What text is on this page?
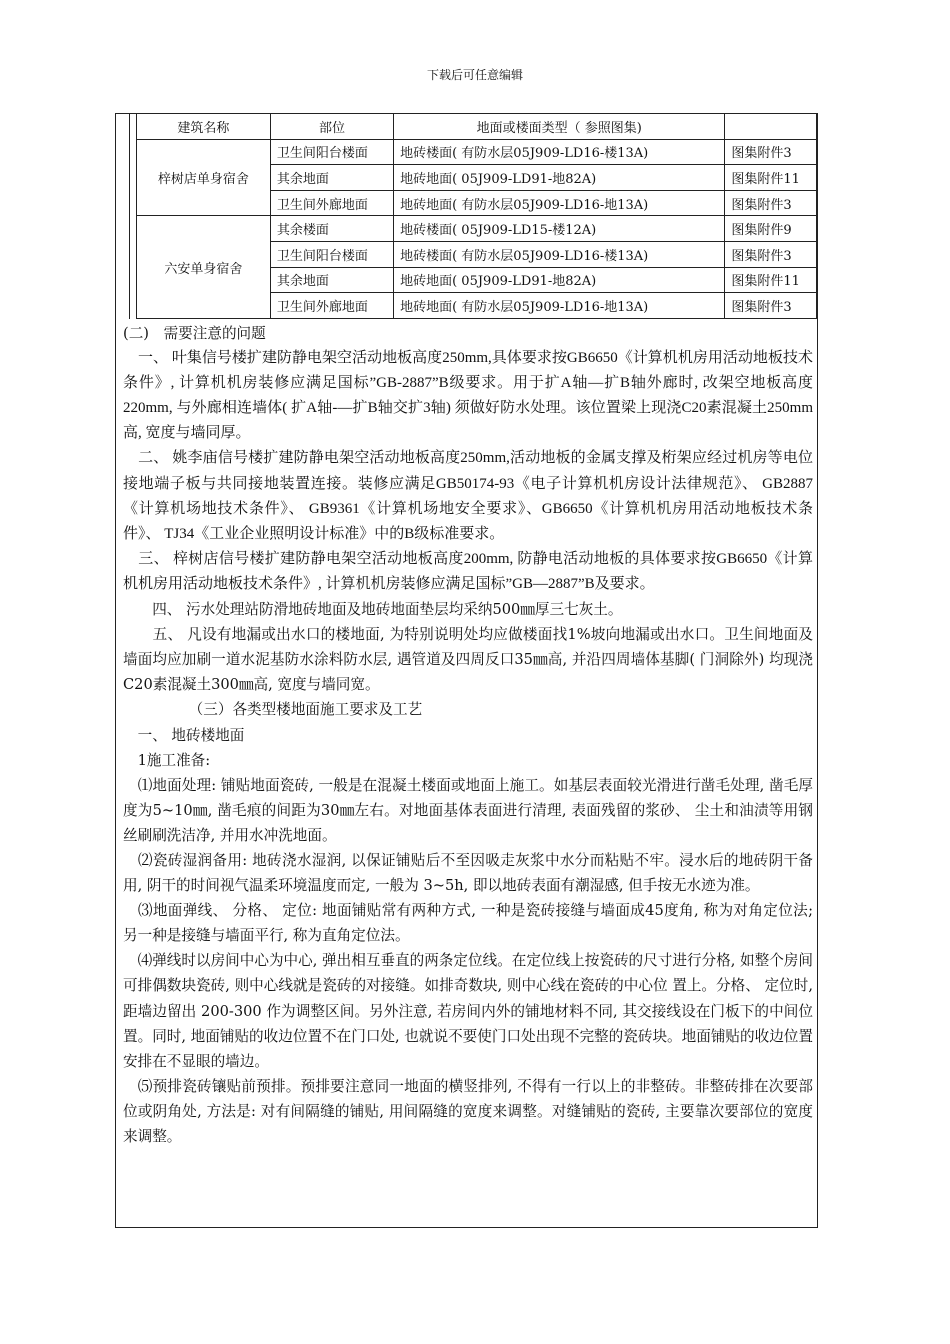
下载后可任意编辑
建筑名称	部位	地面或楼面类型（ 参照图集)	
梓树店单身宿舍	卫生间阳台楼面	地砖楼面( 有防水层05J909-LD16-楼13A)	图集附件3
	其余地面	地砖地面( 05J909-LD91-地82A)	图集附件11
	卫生间外廊地面	地砖地面( 有防水层05J909-LD16-地13A)	图集附件3
六安单身宿舍	其余楼面	地砖楼面( 05J909-LD15-楼12A)	图集附件9
	卫生间阳台楼面	地砖楼面( 有防水层05J909-LD16-楼13A)	图集附件3
	其余地面	地砖地面( 05J909-LD91-地82A)	图集附件11
	卫生间外廊地面	地砖地面( 有防水层05J909-LD16-地13A)	图集附件3

(二)　需要注意的问题

　一、 叶集信号楼扩建防静电架空活动地板高度250mm,具体要求按GB6650《计算机机房用活动地板技术条件》, 计算机机房装修应满足国标”GB-2887”B级要求。用于扩A轴—扩B轴外廊时, 改架空地板高度220mm, 与外廊相连墙体( 扩A轴-—扩B轴交扩3轴) 须做好防水处理。该位置梁上现浇C20素混凝土250mm高, 宽度与墙同厚。

　二、 姚李庙信号楼扩建防静电架空活动地板高度250mm,活动地板的金属支撑及桁架应经过机房等电位接地端子板与共同接地装置连接。装修应满足GB50174-93《电子计算机机房设计法律规范》、 GB2887《计算机场地技术条件》、 GB9361《计算机场地安全要求》、GB6650《计算机机房用活动地板技术条件》、 TJ34《工业企业照明设计标准》中的B级标准要求。

　三、 梓树店信号楼扩建防静电架空活动地板高度200mm, 防静电活动地板的具体要求按GB6650《计算机机房用活动地板技术条件》, 计算机机房装修应满足国标”GB—2887”B及要求。

　　四、 污水处理站防滑地砖地面及地砖地面垫层均采纳500㎜厚三七灰土。

　　五、 凡设有地漏或出水口的楼地面, 为特别说明处均应做楼面找1%坡向地漏或出水口。卫生间地面及墙面均应加刷一道水泥基防水涂料防水层, 遇管道及四周反口35㎜高, 并沿四周墙体基脚( 门洞除外) 均现浇C20素混凝土300㎜高, 宽度与墙同宽。

　　　　　（三）各类型楼地面施工要求及工艺

　一、 地砖楼地面

　1施工准备:

　⑴地面处理: 铺贴地面瓷砖, 一般是在混凝土楼面或地面上施工。如基层表面较光滑进行凿毛处理, 凿毛厚度为5~10㎜, 凿毛痕的间距为30㎜左右。对地面基体表面进行清理, 表面残留的浆砂、 尘土和油渍等用钢丝刷刷洗洁净, 并用水冲洗地面。

　⑵瓷砖湿润备用: 地砖浇水湿润, 以保证铺贴后不至因吸走灰浆中水分而粘贴不牢。浸水后的地砖阴干备用, 阴干的时间视气温柔环境温度而定, 一般为 3~5h, 即以地砖表面有潮湿感, 但手按无水迹为准。

　⑶地面弹线、 分格、 定位: 地面铺贴常有两种方式, 一种是瓷砖接缝与墙面成45度角, 称为对角定位法; 另一种是接缝与墙面平行, 称为直角定位法。

　⑷弹线时以房间中心为中心, 弹出相互垂直的两条定位线。在定位线上按瓷砖的尺寸进行分格, 如整个房间可排偶数块瓷砖, 则中心线就是瓷砖的对接缝。如排奇数块, 则中心线在瓷砖的中心位 置上。分格、 定位时, 距墙边留出 200-300 作为调整区间。另外注意, 若房间内外的铺地材料不同, 其交接线设在门板下的中间位置。同时, 地面铺贴的收边位置不在门口处, 也就说不要使门口处出现不完整的瓷砖块。地面铺贴的收边位置安排在不显眼的墙边。

　⑸预排瓷砖镶贴前预排。预排要注意同一地面的横竖排列, 不得有一行以上的非整砖。非整砖排在次要部位或阴角处, 方法是: 对有间隔缝的铺贴, 用间隔缝的宽度来调整。对缝铺贴的瓷砖, 主要靠次要部位的宽度来调整。
